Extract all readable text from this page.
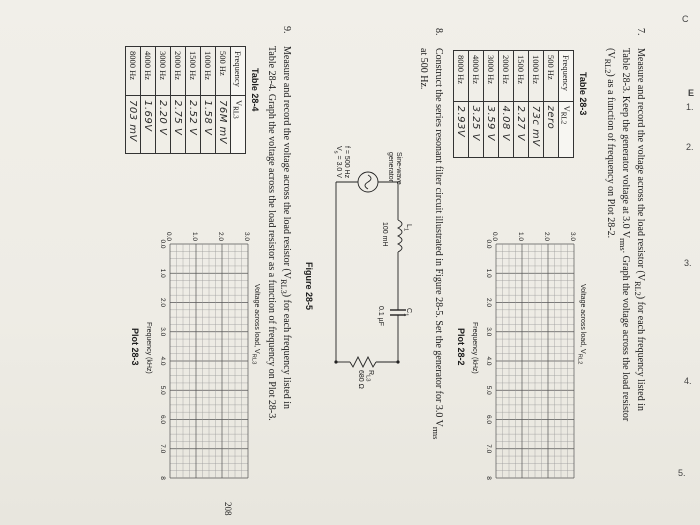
C
E
1.
2.
3.
4.
5.
208
7.
Measure and record the voltage across the load resistor $(V_{RL2})$ for each frequency listed in
Table 28-3. Keep the generator voltage at 3.0 $V_{rms}$. Graph the voltage across the load resistor
$(V_{RL2})$ as a function of frequency on Plot 28-2.
Table 28-3
Frequency	$V_{RL2}$
500 Hz	zero
1000 Hz	73c mV
1500 Hz	2.27 V
2000 Hz	4.08 V
3000 Hz	3.59 V
4000 Hz	3.25 V
8000 Hz	2.93V
Voltage across load, $V_{RL2}$
3.0
2.0
1.0
0.0
0.0
1.0
2.0
3.0
4.0
5.0
6.0
7.0
8
Frequency (kHz)
Plot 28-2
8.
Construct the series resonant filter circuit illustrated in Figure 28-5. Set the generator for 3.0 $V_{rms}$
at 500 Hz.
Sine-wave
generator
f = 500 Hz
$V_s = 3.0$ V
$L_1$
100 mH
$C_1$
0.1 µF
$R_{L3}$
680 Ω
Figure 28-5
9.
Measure and record the voltage across the load resistor $(V_{RL3})$ for each frequency listed in
Table 28-4. Graph the voltage across the load resistor as a function of frequency on Plot 28-3.
Table 28-4
Frequency	$V_{RL3}$
500 Hz	76M mV
1000 Hz	1.58 V
1500 Hz	2.52 V
2000 Hz	2.75 V
3000 Hz	2.20 V
4000 Hz	1.69V
8000 Hz	703 mV
Voltage across load, $V_{RL3}$
3.0
2.0
1.0
0.0
0.0
1.0
2.0
3.0
4.0
5.0
6.0
7.0
8
Frequency (kHz)
Plot 28-3
